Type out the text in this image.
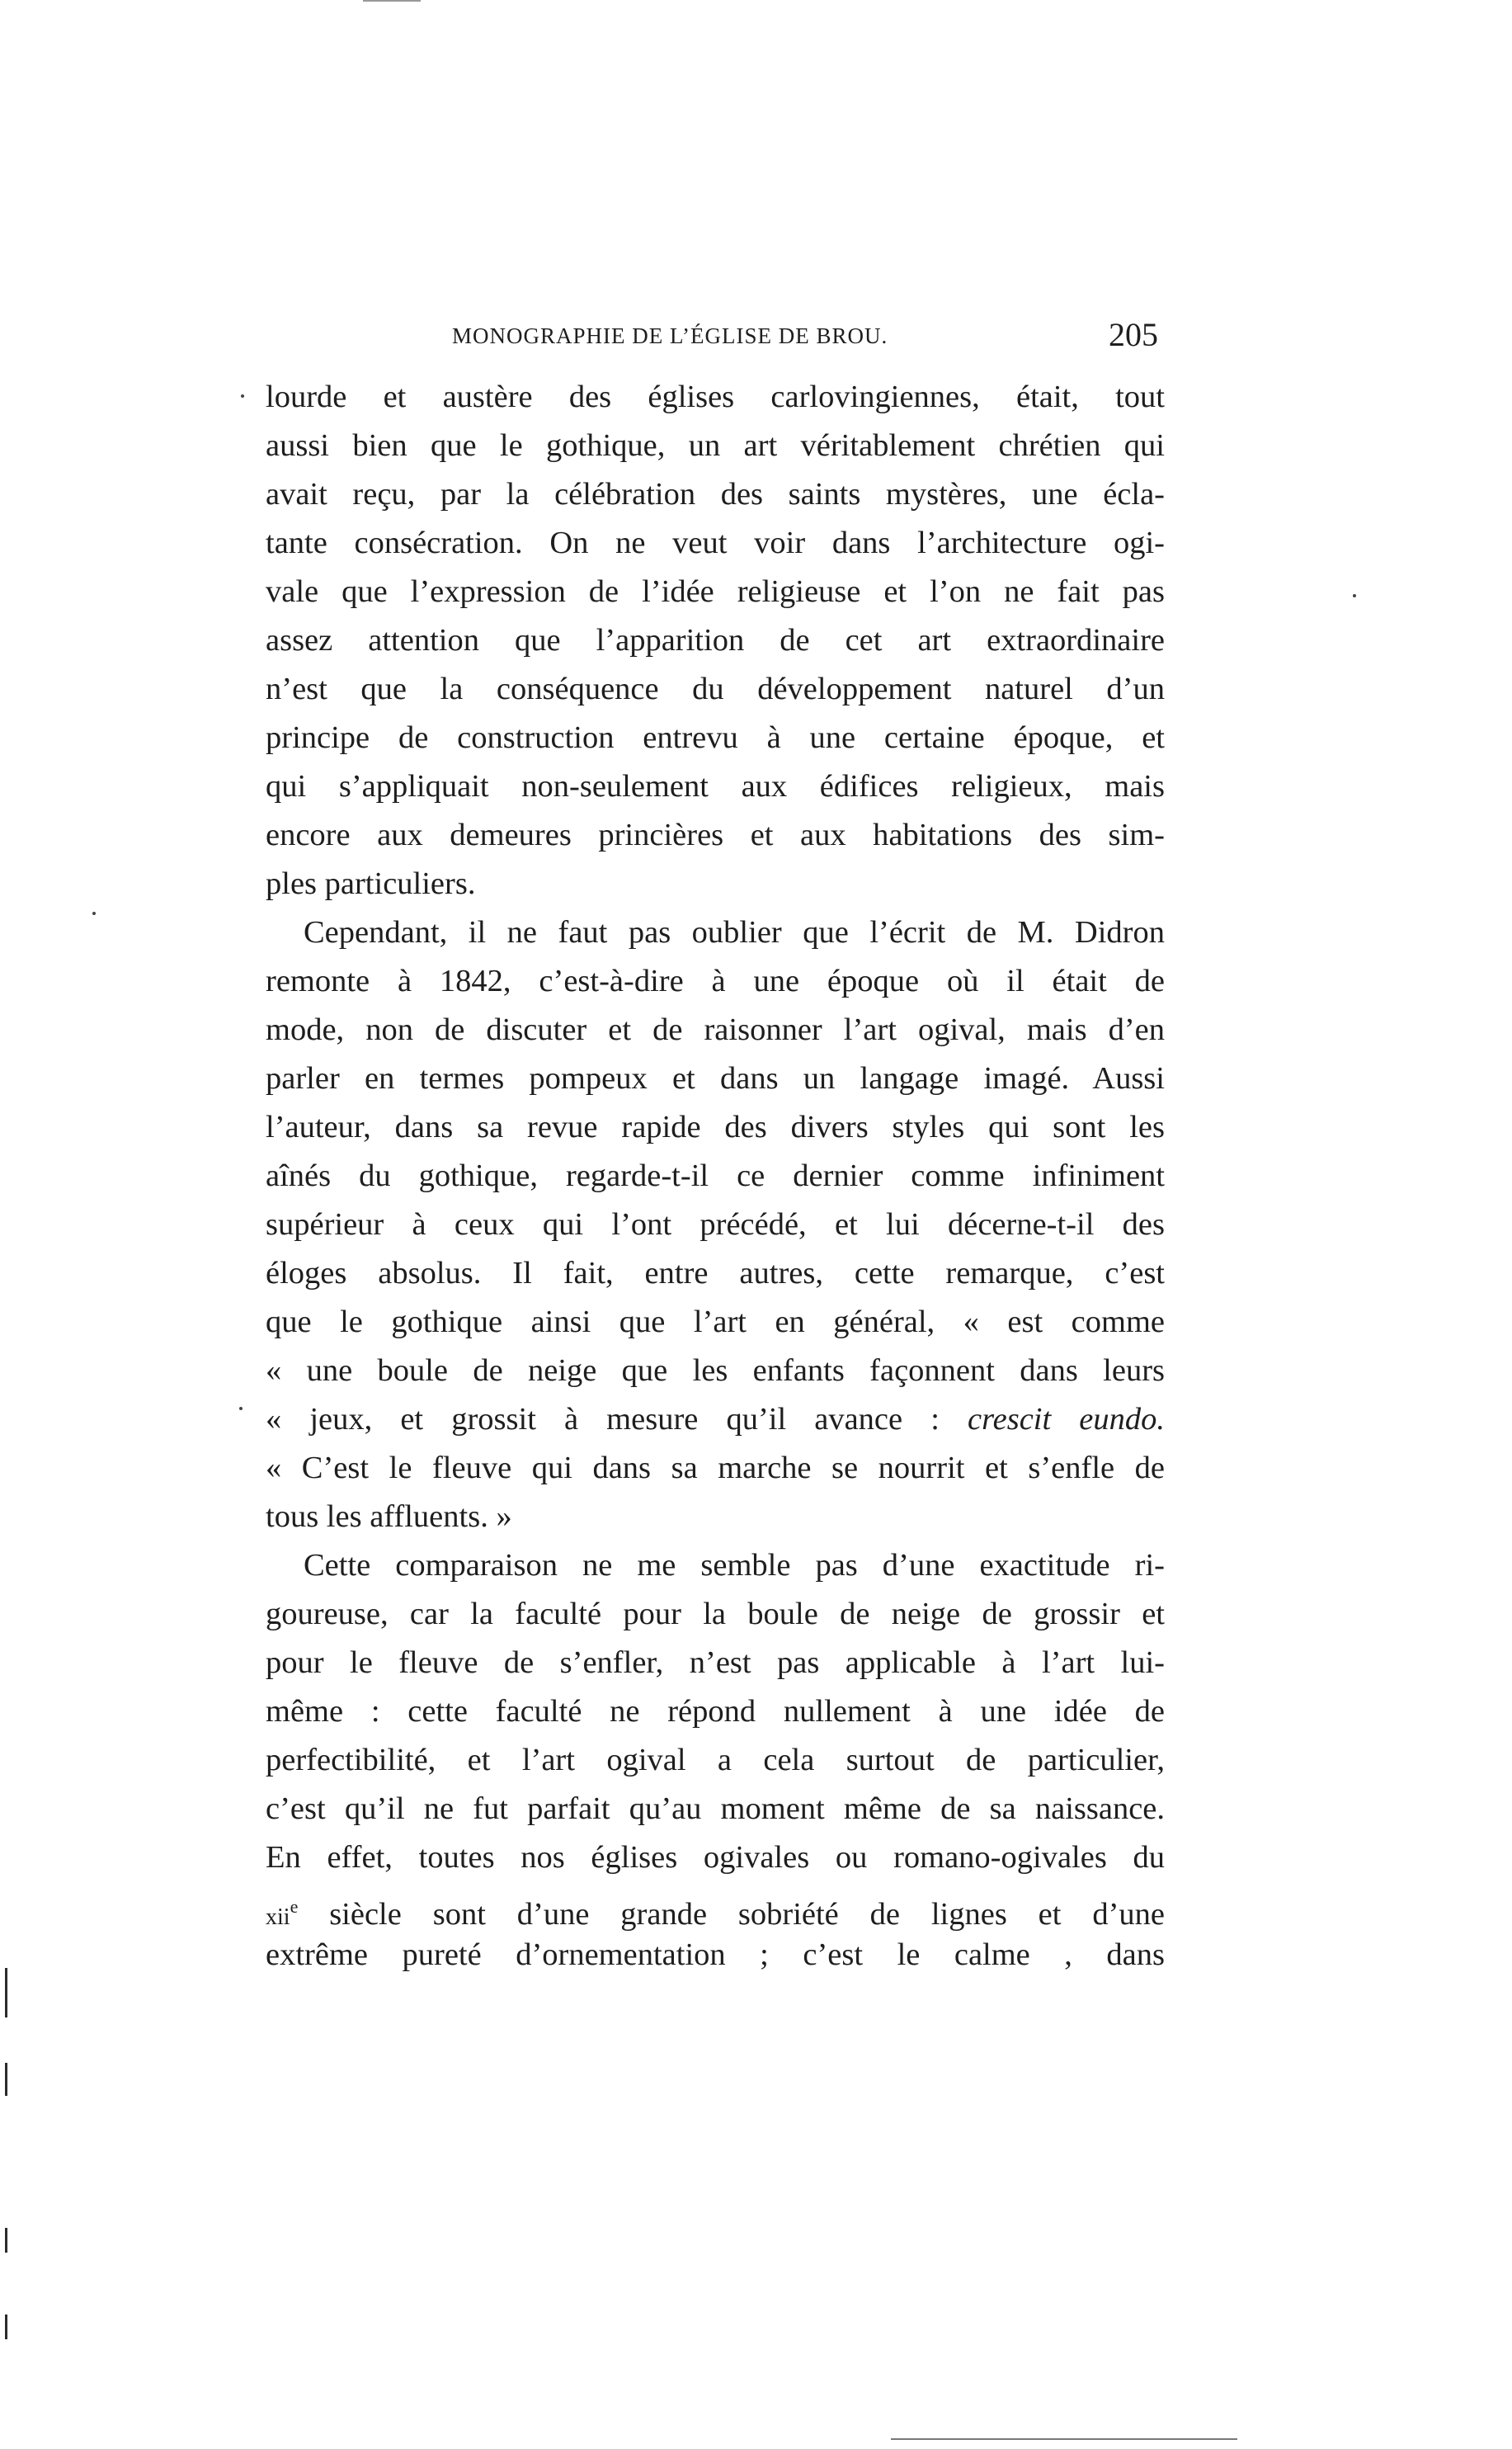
MONOGRAPHIE DE L’ÉGLISE DE BROU.	205
lourde et austère des églises carlovingiennes, était, tout
aussi bien que le gothique, un art véritablement chrétien qui
avait reçu, par la célébration des saints mystères, une écla-
tante consécration. On ne veut voir dans l’architecture ogi-
vale que l’expression de l’idée religieuse et l’on ne fait pas
assez attention que l’apparition de cet art extraordinaire
n’est que la conséquence du développement naturel d’un
principe de construction entrevu à une certaine époque, et
qui s’appliquait non-seulement aux édifices religieux, mais
encore aux demeures princières et aux habitations des sim-
ples particuliers.
Cependant, il ne faut pas oublier que l’écrit de M. Didron
remonte à 1842, c’est-à-dire à une époque où il était de
mode, non de discuter et de raisonner l’art ogival, mais d’en
parler en termes pompeux et dans un langage imagé. Aussi
l’auteur, dans sa revue rapide des divers styles qui sont les
aînés du gothique, regarde-t-il ce dernier comme infiniment
supérieur à ceux qui l’ont précédé, et lui décerne-t-il des
éloges absolus. Il fait, entre autres, cette remarque, c’est
que le gothique ainsi que l’art en général, « est comme
« une boule de neige que les enfants façonnent dans leurs
« jeux, et grossit à mesure qu’il avance : crescit eundo.
« C’est le fleuve qui dans sa marche se nourrit et s’enfle de
tous les affluents. »
Cette comparaison ne me semble pas d’une exactitude ri-
goureuse, car la faculté pour la boule de neige de grossir et
pour le fleuve de s’enfler, n’est pas applicable à l’art lui-
même : cette faculté ne répond nullement à une idée de
perfectibilité, et l’art ogival a cela surtout de particulier,
c’est qu’il ne fut parfait qu’au moment même de sa naissance.
En effet, toutes nos églises ogivales ou romano-ogivales du
xii$^e$ siècle sont d’une grande sobriété de lignes et d’une
extrême pureté d’ornementation ; c’est le calme , dans
